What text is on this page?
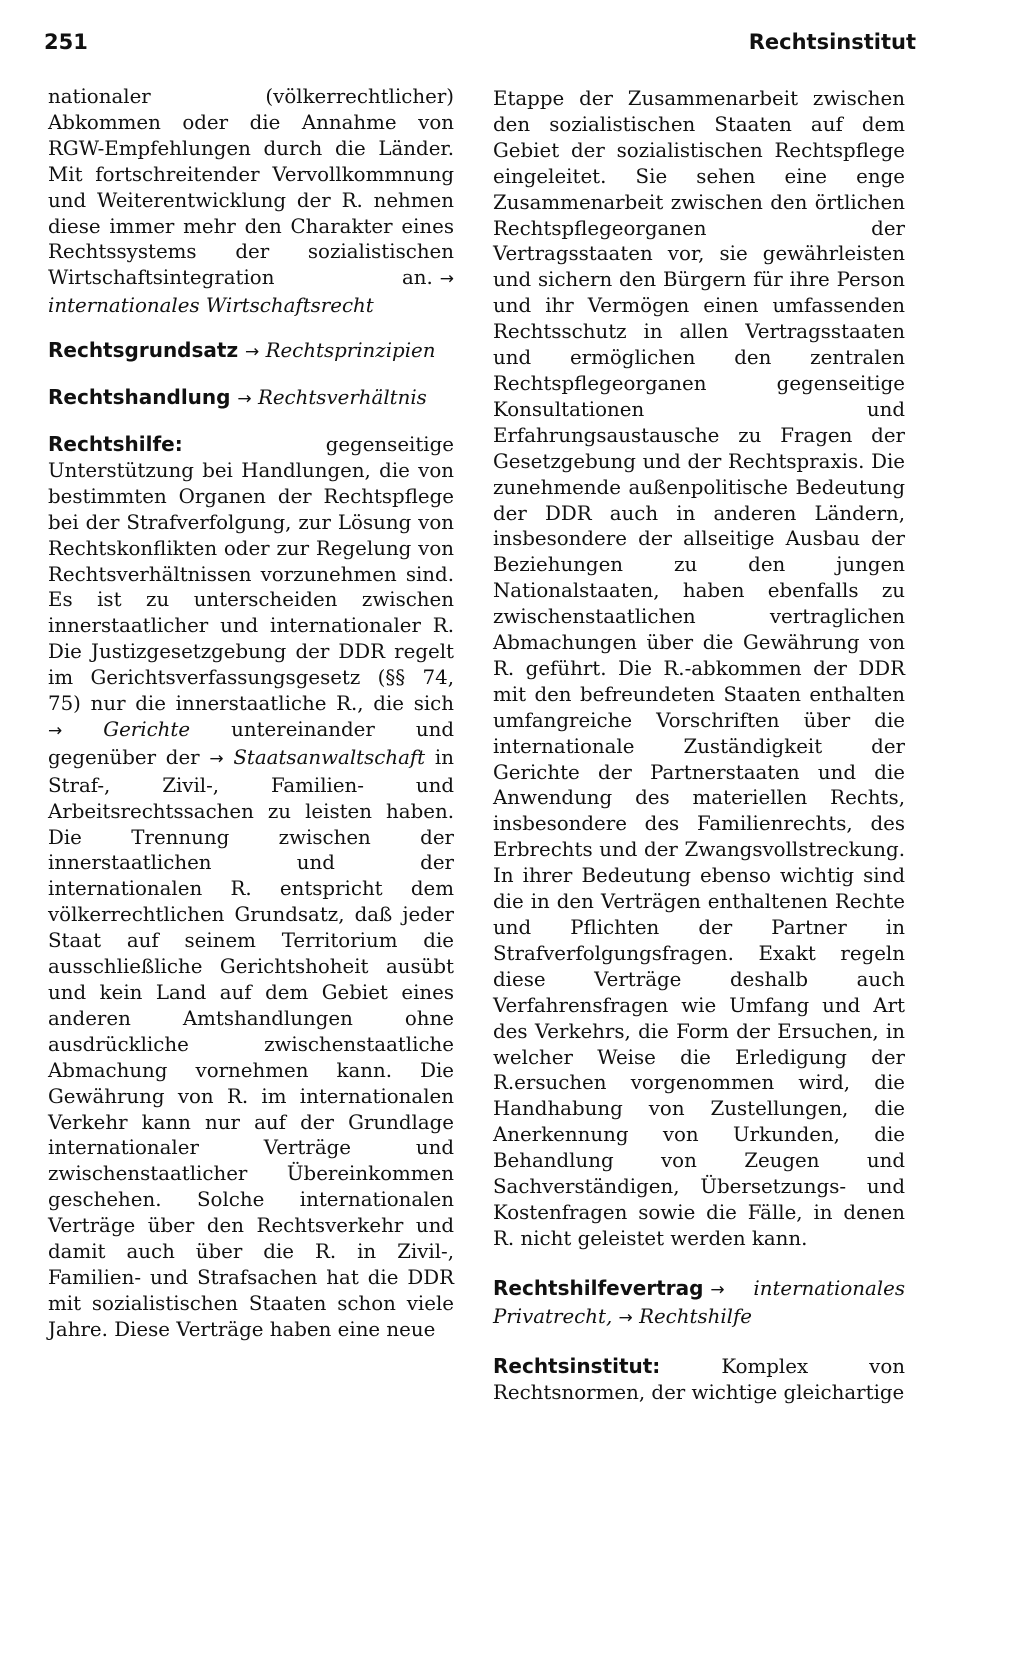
251	Rechtsinstitut

nationaler (völkerrechtlicher) Abkommen oder die Annahme von RGW-Empfehlungen durch die Länder. Mit fortschreitender Vervollkommnung und Weiterentwicklung der R. nehmen diese immer mehr den Charakter eines Rechtssystems der sozialistischen Wirtschaftsintegration an. → internationales Wirtschaftsrecht

Rechtsgrundsatz → Rechtsprinzipien

Rechtshandlung → Rechtsverhältnis

Rechtshilfe:	gegenseitige Unterstützung bei Handlungen, die von bestimmten Organen der Rechtspflege bei der Strafverfolgung, zur Lösung von Rechtskonflikten oder zur Regelung von Rechtsverhältnissen vorzunehmen sind. Es ist zu unterscheiden zwischen innerstaatlicher und internationaler R. Die Justizgesetzgebung der DDR regelt im Gerichtsverfassungsgesetz (§§ 74, 75) nur die innerstaatliche R., die sich → Gerichte untereinander und gegenüber der → Staatsanwaltschaft in Straf-, Zivil-, Familien- und Arbeitsrechtssachen zu leisten haben. Die Trennung zwischen der innerstaatlichen und der internationalen R. entspricht dem völkerrechtlichen Grundsatz, daß jeder Staat auf seinem Territorium die ausschließliche Gerichtshoheit ausübt und kein Land auf dem Gebiet eines anderen Amtshandlungen ohne ausdrückliche zwischenstaatliche Abmachung vornehmen kann. Die Gewährung von R. im internationalen Verkehr kann nur auf der Grundlage internationaler Verträge und zwischenstaatlicher Übereinkommen geschehen. Solche internationalen Verträge über den Rechtsverkehr und damit auch über die R. in Zivil-, Familien- und Strafsachen hat die DDR mit sozialistischen Staaten schon viele Jahre. Diese Verträge haben eine neue

Etappe der Zusammenarbeit zwischen den sozialistischen Staaten auf dem Gebiet der sozialistischen Rechtspflege eingeleitet. Sie sehen eine enge Zusammenarbeit zwischen den örtlichen Rechtspflegeorganen der Vertragsstaaten vor, sie gewährleisten und sichern den Bürgern für ihre Person und ihr Vermögen einen umfassenden Rechtsschutz in allen Vertragsstaaten und ermöglichen den zentralen Rechtspflegeorganen gegenseitige Konsultationen und Erfahrungsaustausche zu Fragen der Gesetzgebung und der Rechtspraxis. Die zunehmende außenpolitische Bedeutung der DDR auch in anderen Ländern, insbesondere der allseitige Ausbau der Beziehungen zu den jungen Nationalstaaten, haben ebenfalls zu zwischenstaatlichen vertraglichen Abmachungen über die Gewährung von R. geführt. Die R.-abkommen der DDR mit den befreundeten Staaten enthalten umfangreiche Vorschriften über die internationale Zuständigkeit der Gerichte der Partnerstaaten und die Anwendung des materiellen Rechts, insbesondere des Familienrechts, des Erbrechts und der Zwangsvollstreckung. In ihrer Bedeutung ebenso wichtig sind die in den Verträgen enthaltenen Rechte und Pflichten der Partner in Strafverfolgungsfragen. Exakt regeln diese Verträge deshalb auch Verfahrensfragen wie Umfang und Art des Verkehrs, die Form der Ersuchen, in welcher Weise die Erledigung der R.ersuchen vorgenommen wird, die Handhabung von Zustellungen, die Anerkennung von Urkunden, die Behandlung von Zeugen und Sachverständigen, Übersetzungs- und Kostenfragen sowie die Fälle, in denen R. nicht geleistet werden kann.

Rechtshilfevertrag → internationales Privatrecht, → Rechtshilfe

Rechtsinstitut:	Komplex von Rechtsnormen, der wichtige gleichartige
